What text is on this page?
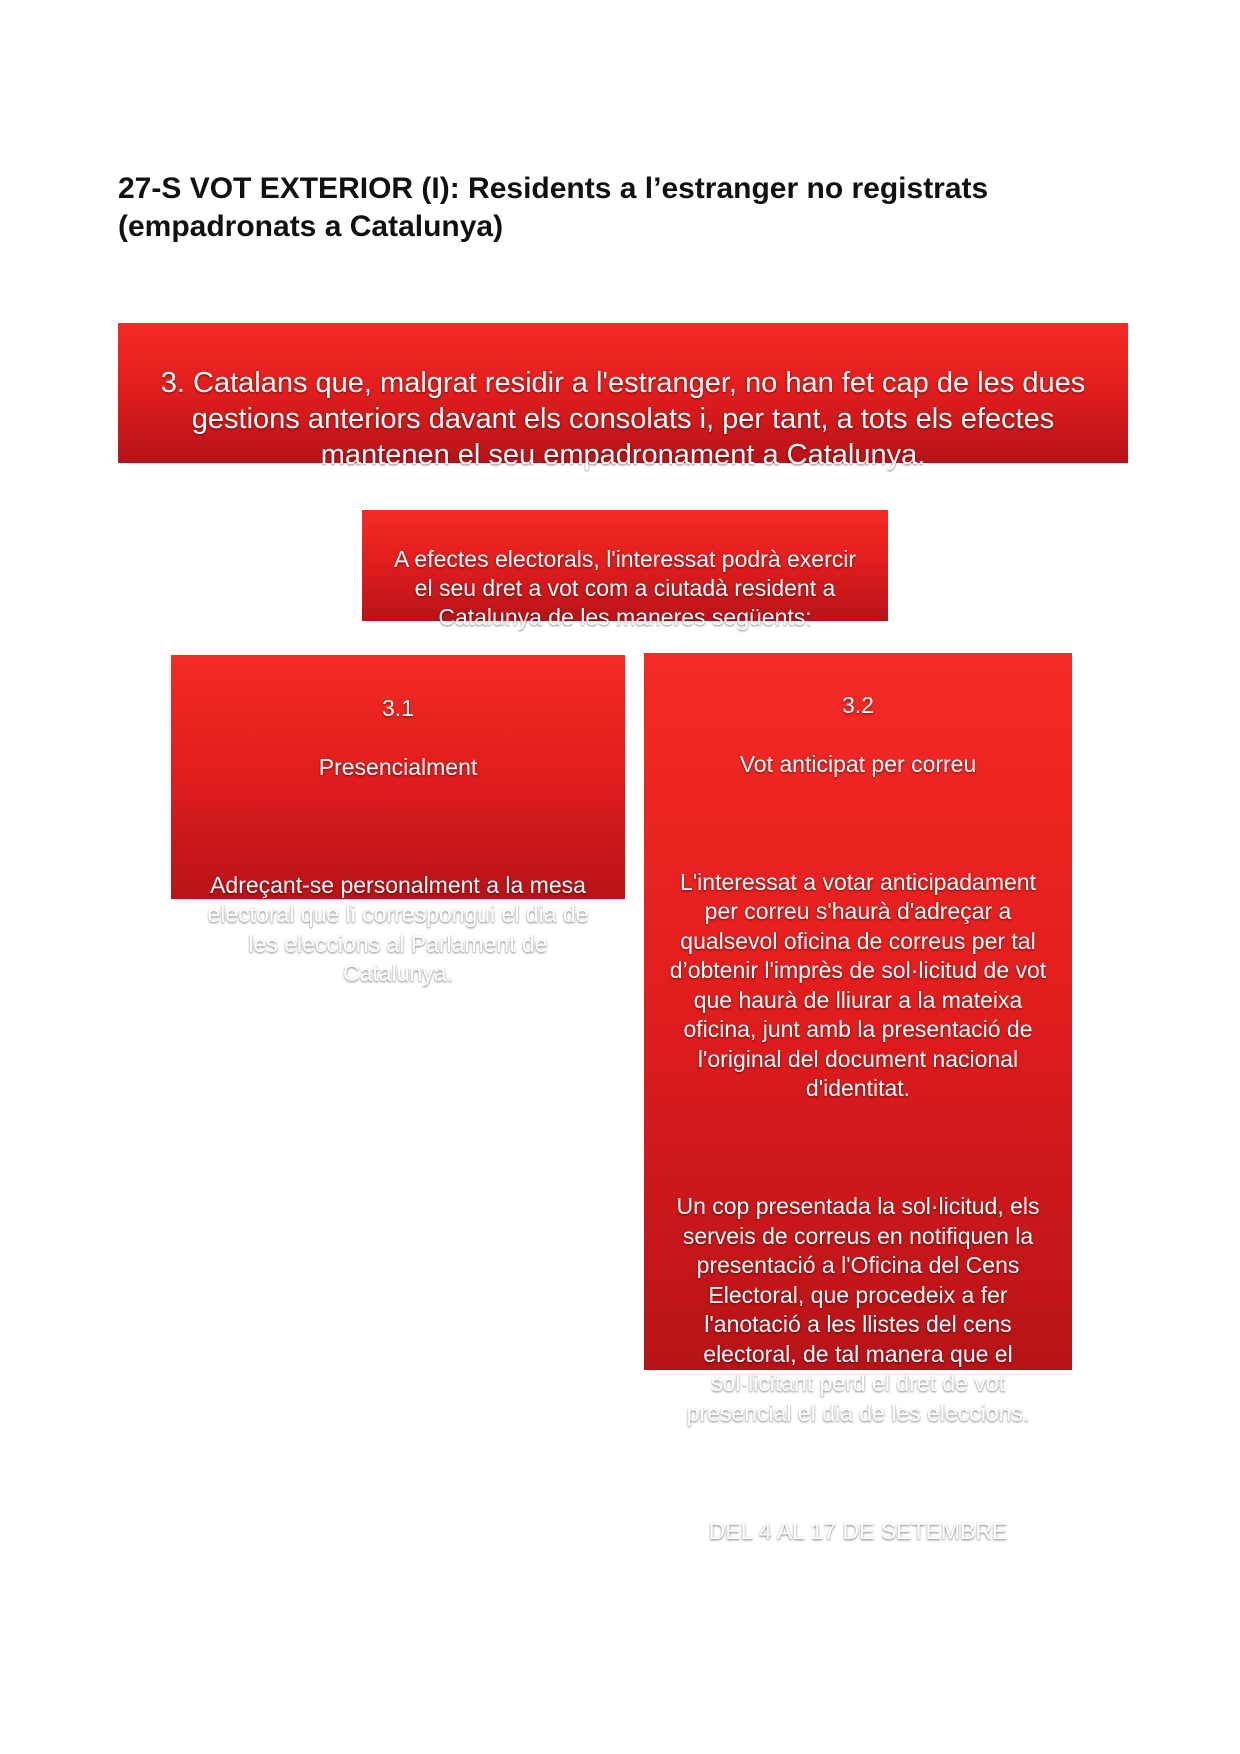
27-S VOT EXTERIOR (I): Residents a l’estranger no registrats
(empadronats a Catalunya)

3. Catalans que, malgrat residir a l'estranger, no han fet cap de les dues
gestions anteriors davant els consolats i, per tant, a tots els efectes
mantenen el seu empadronament a Catalunya.

A efectes electorals, l'interessat podrà exercir
el seu dret a vot com a ciutadà resident a
Catalunya de les maneres següents:

3.1

Presencialment

Adreçant-se personalment a la mesa
electoral que li correspongui el dia de
les eleccions al Parlament de
Catalunya.

3.2

Vot anticipat per correu

L'interessat a votar anticipadament
per correu s'haurà d'adreçar a
qualsevol oficina de correus per tal
d’obtenir l'imprès de sol·licitud de vot
que haurà de lliurar a la mateixa
oficina, junt amb la presentació de
l'original del document nacional
d'identitat.

Un cop presentada la sol·licitud, els
serveis de correus en notifiquen la
presentació a l'Oficina del Cens
Electoral, que procedeix a fer
l'anotació a les llistes del cens
electoral, de tal manera que el
sol·licitant perd el dret de vot
presencial el dia de les eleccions.

DEL 4 AL 17 DE SETEMBRE
